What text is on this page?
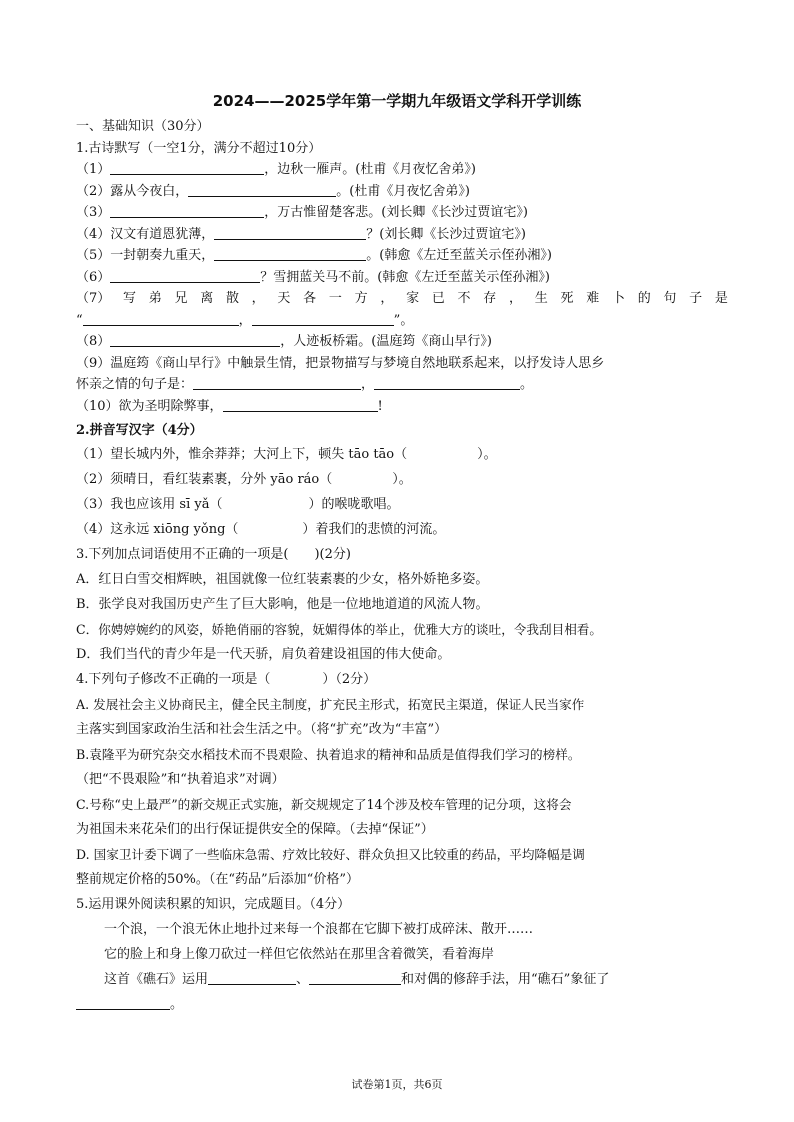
2024——2025学年第一学期九年级语文学科开学训练
一、基础知识（30分）
1.古诗默写（一空1分，满分不超过10分）
（1）	，边秋一雁声。(杜甫《月夜忆舍弟》)
（2）露从今夜白，	。(杜甫《月夜忆舍弟》)
（3）	，万古惟留楚客悲。(刘长卿《长沙过贾谊宅》)
（4）汉文有道恩犹薄，	？(刘长卿《长沙过贾谊宅》)
（5）一封朝奏九重天，	。(韩愈《左迁至蓝关示侄孙湘》)
（6）	？雪拥蓝关马不前。(韩愈《左迁至蓝关示侄孙湘》)
（7） 写 弟 兄 离 散 ， 天 各 一 方 ， 家 已 不 存 ， 生 死 难 卜 的 句 子 是
“	，	”。
（8）	，人迹板桥霜。(温庭筠《商山早行》)
（9）温庭筠《商山早行》中触景生情，把景物描写与梦境自然地联系起来，以抒发诗人思乡
怀亲之情的句子是：	，	。
（10）欲为圣明除弊事，	!
2.拼音写汉字（4分）
（1）望长城内外，惟余莽莽；大河上下，顿失 tāo tāo（	）。
（2）须晴日，看红装素裹，分外 yāo ráo（	）。
（3）我也应该用 sī yǎ（	）的喉咙歌唱。
（4）这永远 xiōng yǒng（	）着我们的悲愤的河流。
3.下列加点词语使用不正确的一项是(　　)(2分)
A．红日白雪交相辉映，祖国就像一位红装素裹的少女，格外娇艳多姿。
B．张学良对我国历史产生了巨大影响，他是一位地地道道的风流人物。
C．你娉婷婉约的风姿，娇艳俏丽的容貌，妩媚得体的举止，优雅大方的谈吐，令我刮目相看。
D．我们当代的青少年是一代天骄，肩负着建设祖国的伟大使命。
4.下列句子修改不正确的一项是（　　　　）（2分）
A. 发展社会主义协商民主，健全民主制度，扩充民主形式，拓宽民主渠道，保证人民当家作
主落实到国家政治生活和社会生活之中。（将“扩充”改为“丰富”）
B.袁隆平为研究杂交水稻技术而不畏艰险、执着追求的精神和品质是值得我们学习的榜样。
（把“不畏艰险”和“执着追求”对调）
C.号称“史上最严”的新交规正式实施，新交规规定了14个涉及校车管理的记分项，这将会
为祖国未来花朵们的出行保证提供安全的保障。（去掉“保证”）
D. 国家卫计委下调了一些临床急需、疗效比较好、群众负担又比较重的药品，平均降幅是调
整前规定价格的50%。（在“药品”后添加“价格”）
5.运用课外阅读积累的知识，完成题目。（4分）
一个浪，一个浪无休止地扑过来每一个浪都在它脚下被打成碎沫、散开……
它的脸上和身上像刀砍过一样但它依然站在那里含着微笑，看着海岸
这首《礁石》运用	、	和对偶的修辞手法，用“礁石”象征了
。
试卷第1页，共6页
